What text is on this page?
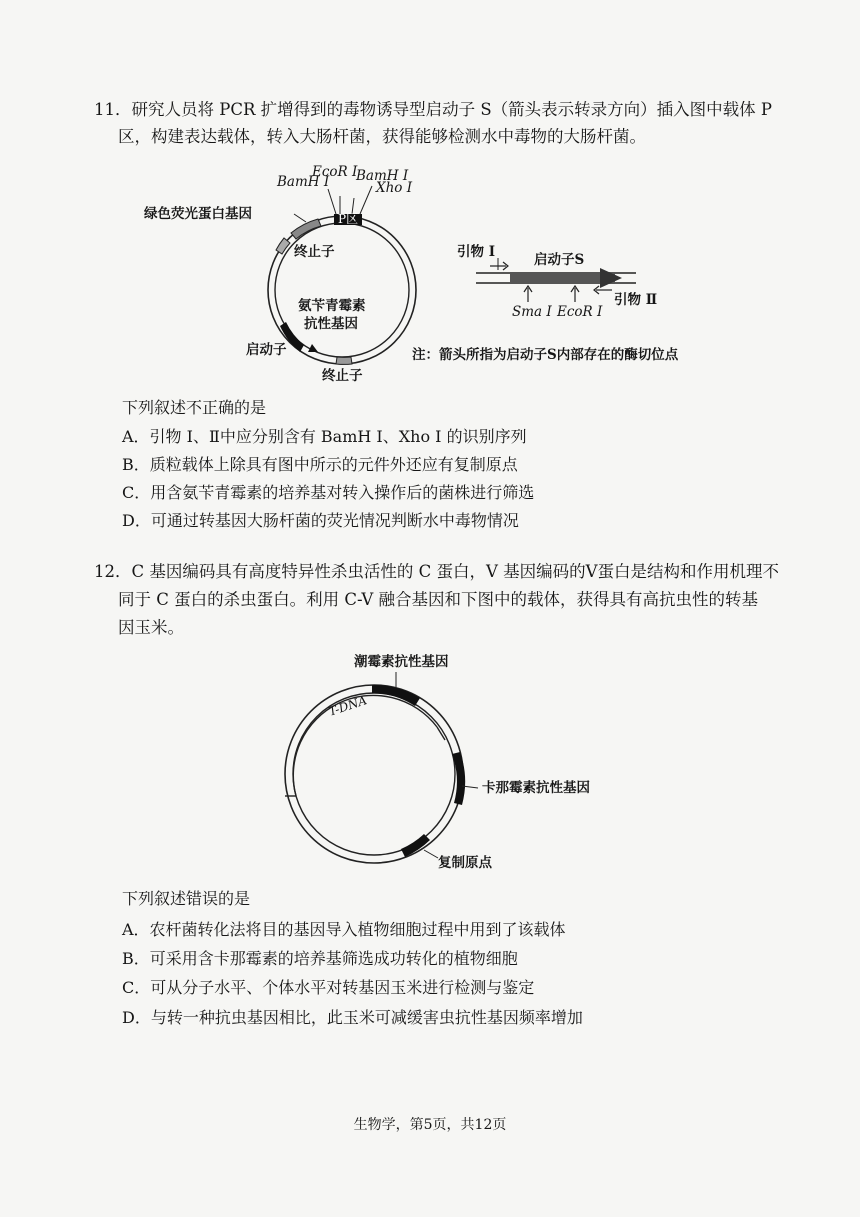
11．研究人员将 PCR 扩增得到的毒物诱导型启动子 S（箭头表示转录方向）插入图中载体 P
区，构建表达载体，转入大肠杆菌，获得能够检测水中毒物的大肠杆菌。
EcoR Ⅰ
BamH Ⅰ
BamH Ⅰ	Xho Ⅰ
绿色荧光蛋白基因	P区
终止子
氨苄青霉素
抗性基因
启动子
终止子
引物 Ⅰ	启动子S
Sma Ⅰ EcoR Ⅰ
引物 Ⅱ
注：箭头所指为启动子S内部存在的酶切位点
下列叙述不正确的是
A．引物 Ⅰ、Ⅱ中应分别含有 BamH Ⅰ、Xho Ⅰ 的识别序列
B．质粒载体上除具有图中所示的元件外还应有复制原点
C．用含氨苄青霉素的培养基对转入操作后的菌株进行筛选
D．可通过转基因大肠杆菌的荧光情况判断水中毒物情况
12．C 基因编码具有高度特异性杀虫活性的 C 蛋白，V 基因编码的V蛋白是结构和作用机理不
同于 C 蛋白的杀虫蛋白。利用 C-V 融合基因和下图中的载体，获得具有高抗虫性的转基
因玉米。
潮霉素抗性基因
T-DNA
卡那霉素抗性基因
复制原点
下列叙述错误的是
A．农杆菌转化法将目的基因导入植物细胞过程中用到了该载体
B．可采用含卡那霉素的培养基筛选成功转化的植物细胞
C．可从分子水平、个体水平对转基因玉米进行检测与鉴定
D．与转一种抗虫基因相比，此玉米可减缓害虫抗性基因频率增加
生物学，第5页，共12页
